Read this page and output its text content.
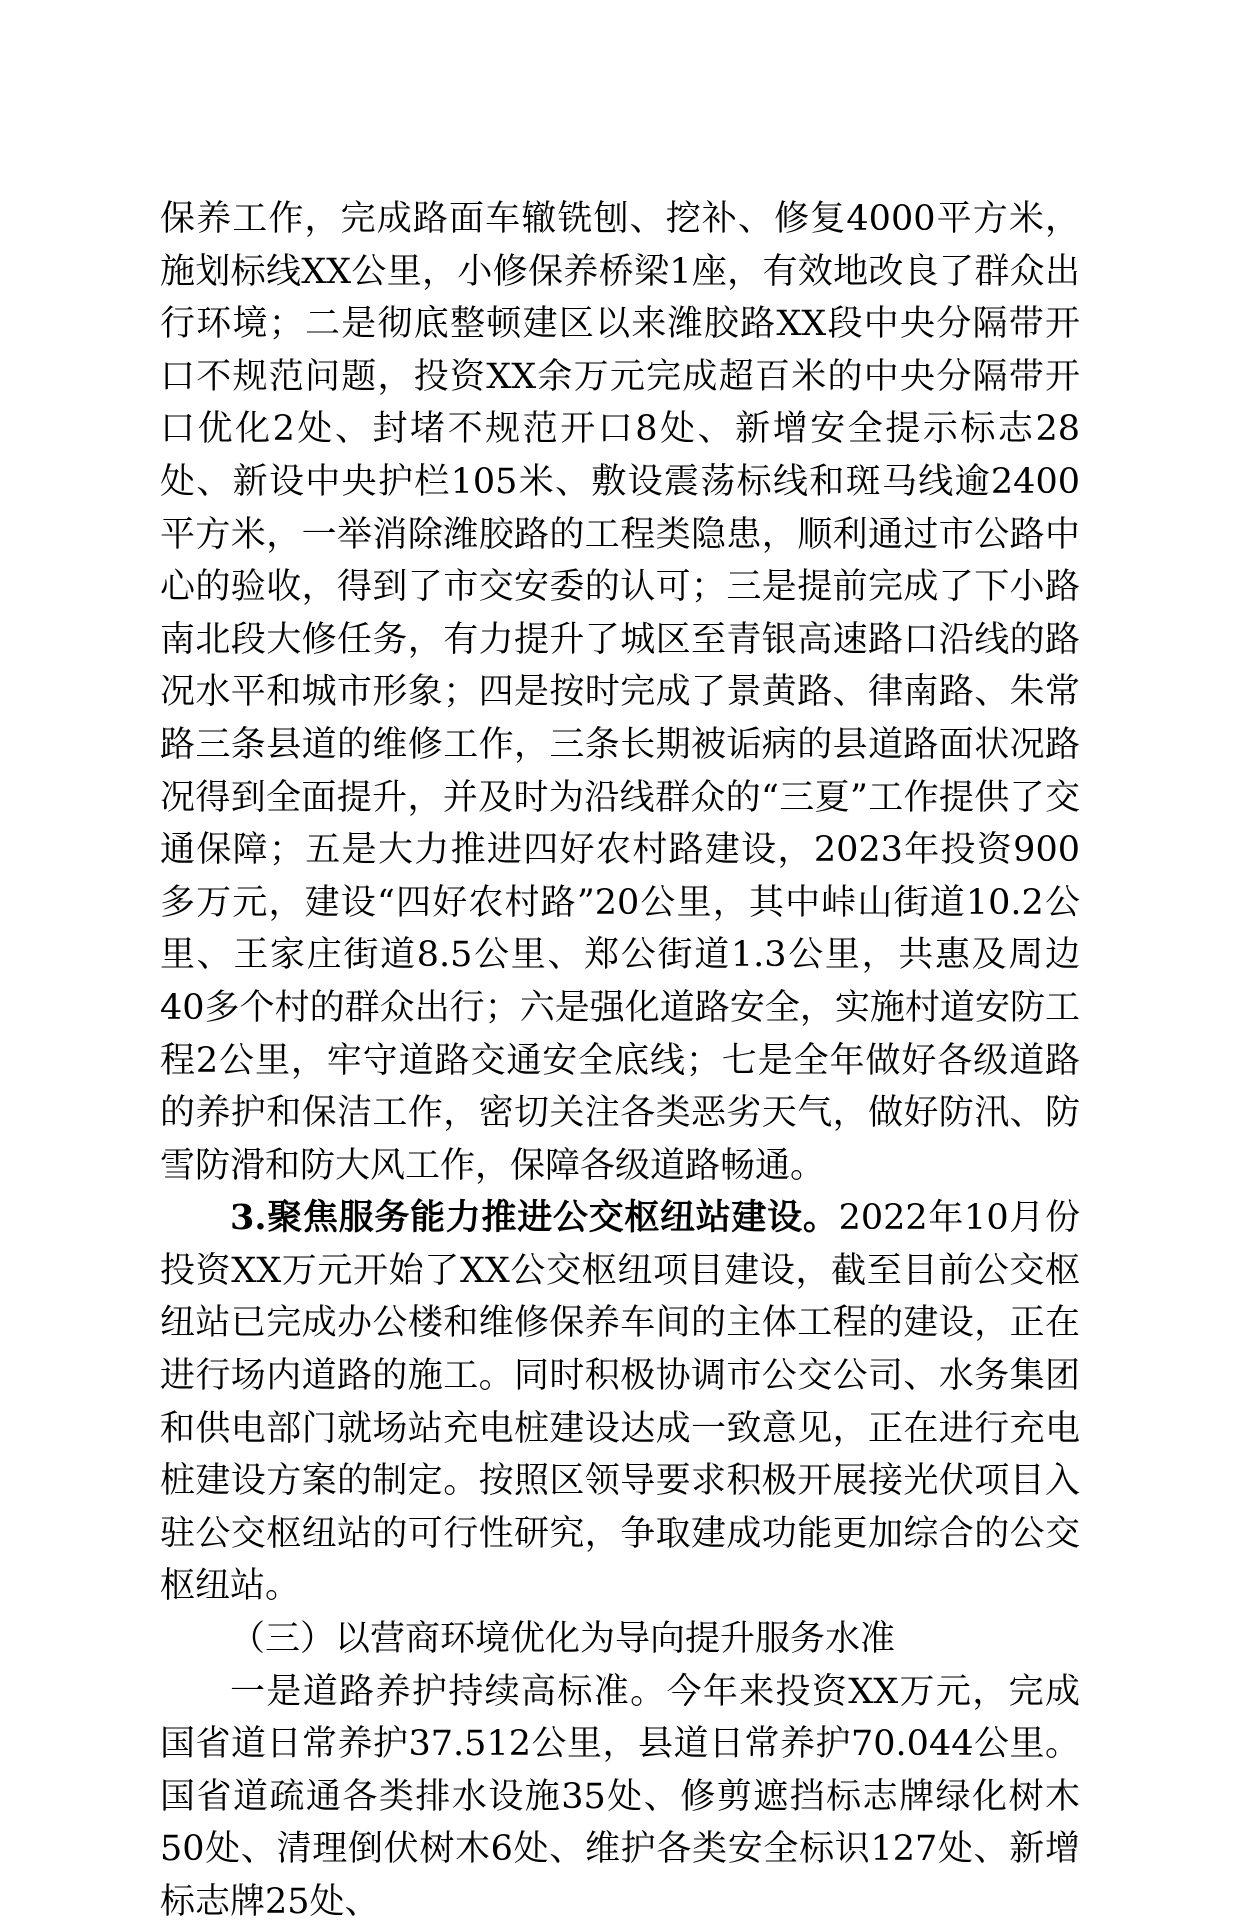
保养工作，完成路面车辙铣刨、挖补、修复4000平方米，施划标线XX公里，小修保养桥梁1座，有效地改良了群众出行环境；二是彻底整顿建区以来潍胶路XX段中央分隔带开口不规范问题，投资XX余万元完成超百米的中央分隔带开口优化2处、封堵不规范开口8处、新增安全提示标志28处、新设中央护栏105米、敷设震荡标线和斑马线逾2400平方米，一举消除潍胶路的工程类隐患，顺利通过市公路中心的验收，得到了市交安委的认可；三是提前完成了下小路南北段大修任务，有力提升了城区至青银高速路口沿线的路况水平和城市形象；四是按时完成了景黄路、律南路、朱常路三条县道的维修工作，三条长期被诟病的县道路面状况路况得到全面提升，并及时为沿线群众的“三夏”工作提供了交通保障；五是大力推进四好农村路建设，2023年投资900多万元，建设“四好农村路”20公里，其中峠山街道10.2公里、王家庄街道8.5公里、郑公街道1.3公里，共惠及周边40多个村的群众出行；六是强化道路安全，实施村道安防工程2公里，牢守道路交通安全底线；七是全年做好各级道路的养护和保洁工作，密切关注各类恶劣天气，做好防汛、防雪防滑和防大风工作，保障各级道路畅通。

3.聚焦服务能力推进公交枢纽站建设。2022年10月份投资XX万元开始了XX公交枢纽项目建设，截至目前公交枢纽站已完成办公楼和维修保养车间的主体工程的建设，正在进行场内道路的施工。同时积极协调市公交公司、水务集团和供电部门就场站充电桩建设达成一致意见，正在进行充电桩建设方案的制定。按照区领导要求积极开展接光伏项目入驻公交枢纽站的可行性研究，争取建成功能更加综合的公交枢纽站。

（三）以营商环境优化为导向提升服务水准

一是道路养护持续高标准。今年来投资XX万元，完成国省道日常养护37.512公里，县道日常养护70.044公里。国省道疏通各类排水设施35处、修剪遮挡标志牌绿化树木50处、清理倒伏树木6处、维护各类安全标识127处、新增标志牌25处、
